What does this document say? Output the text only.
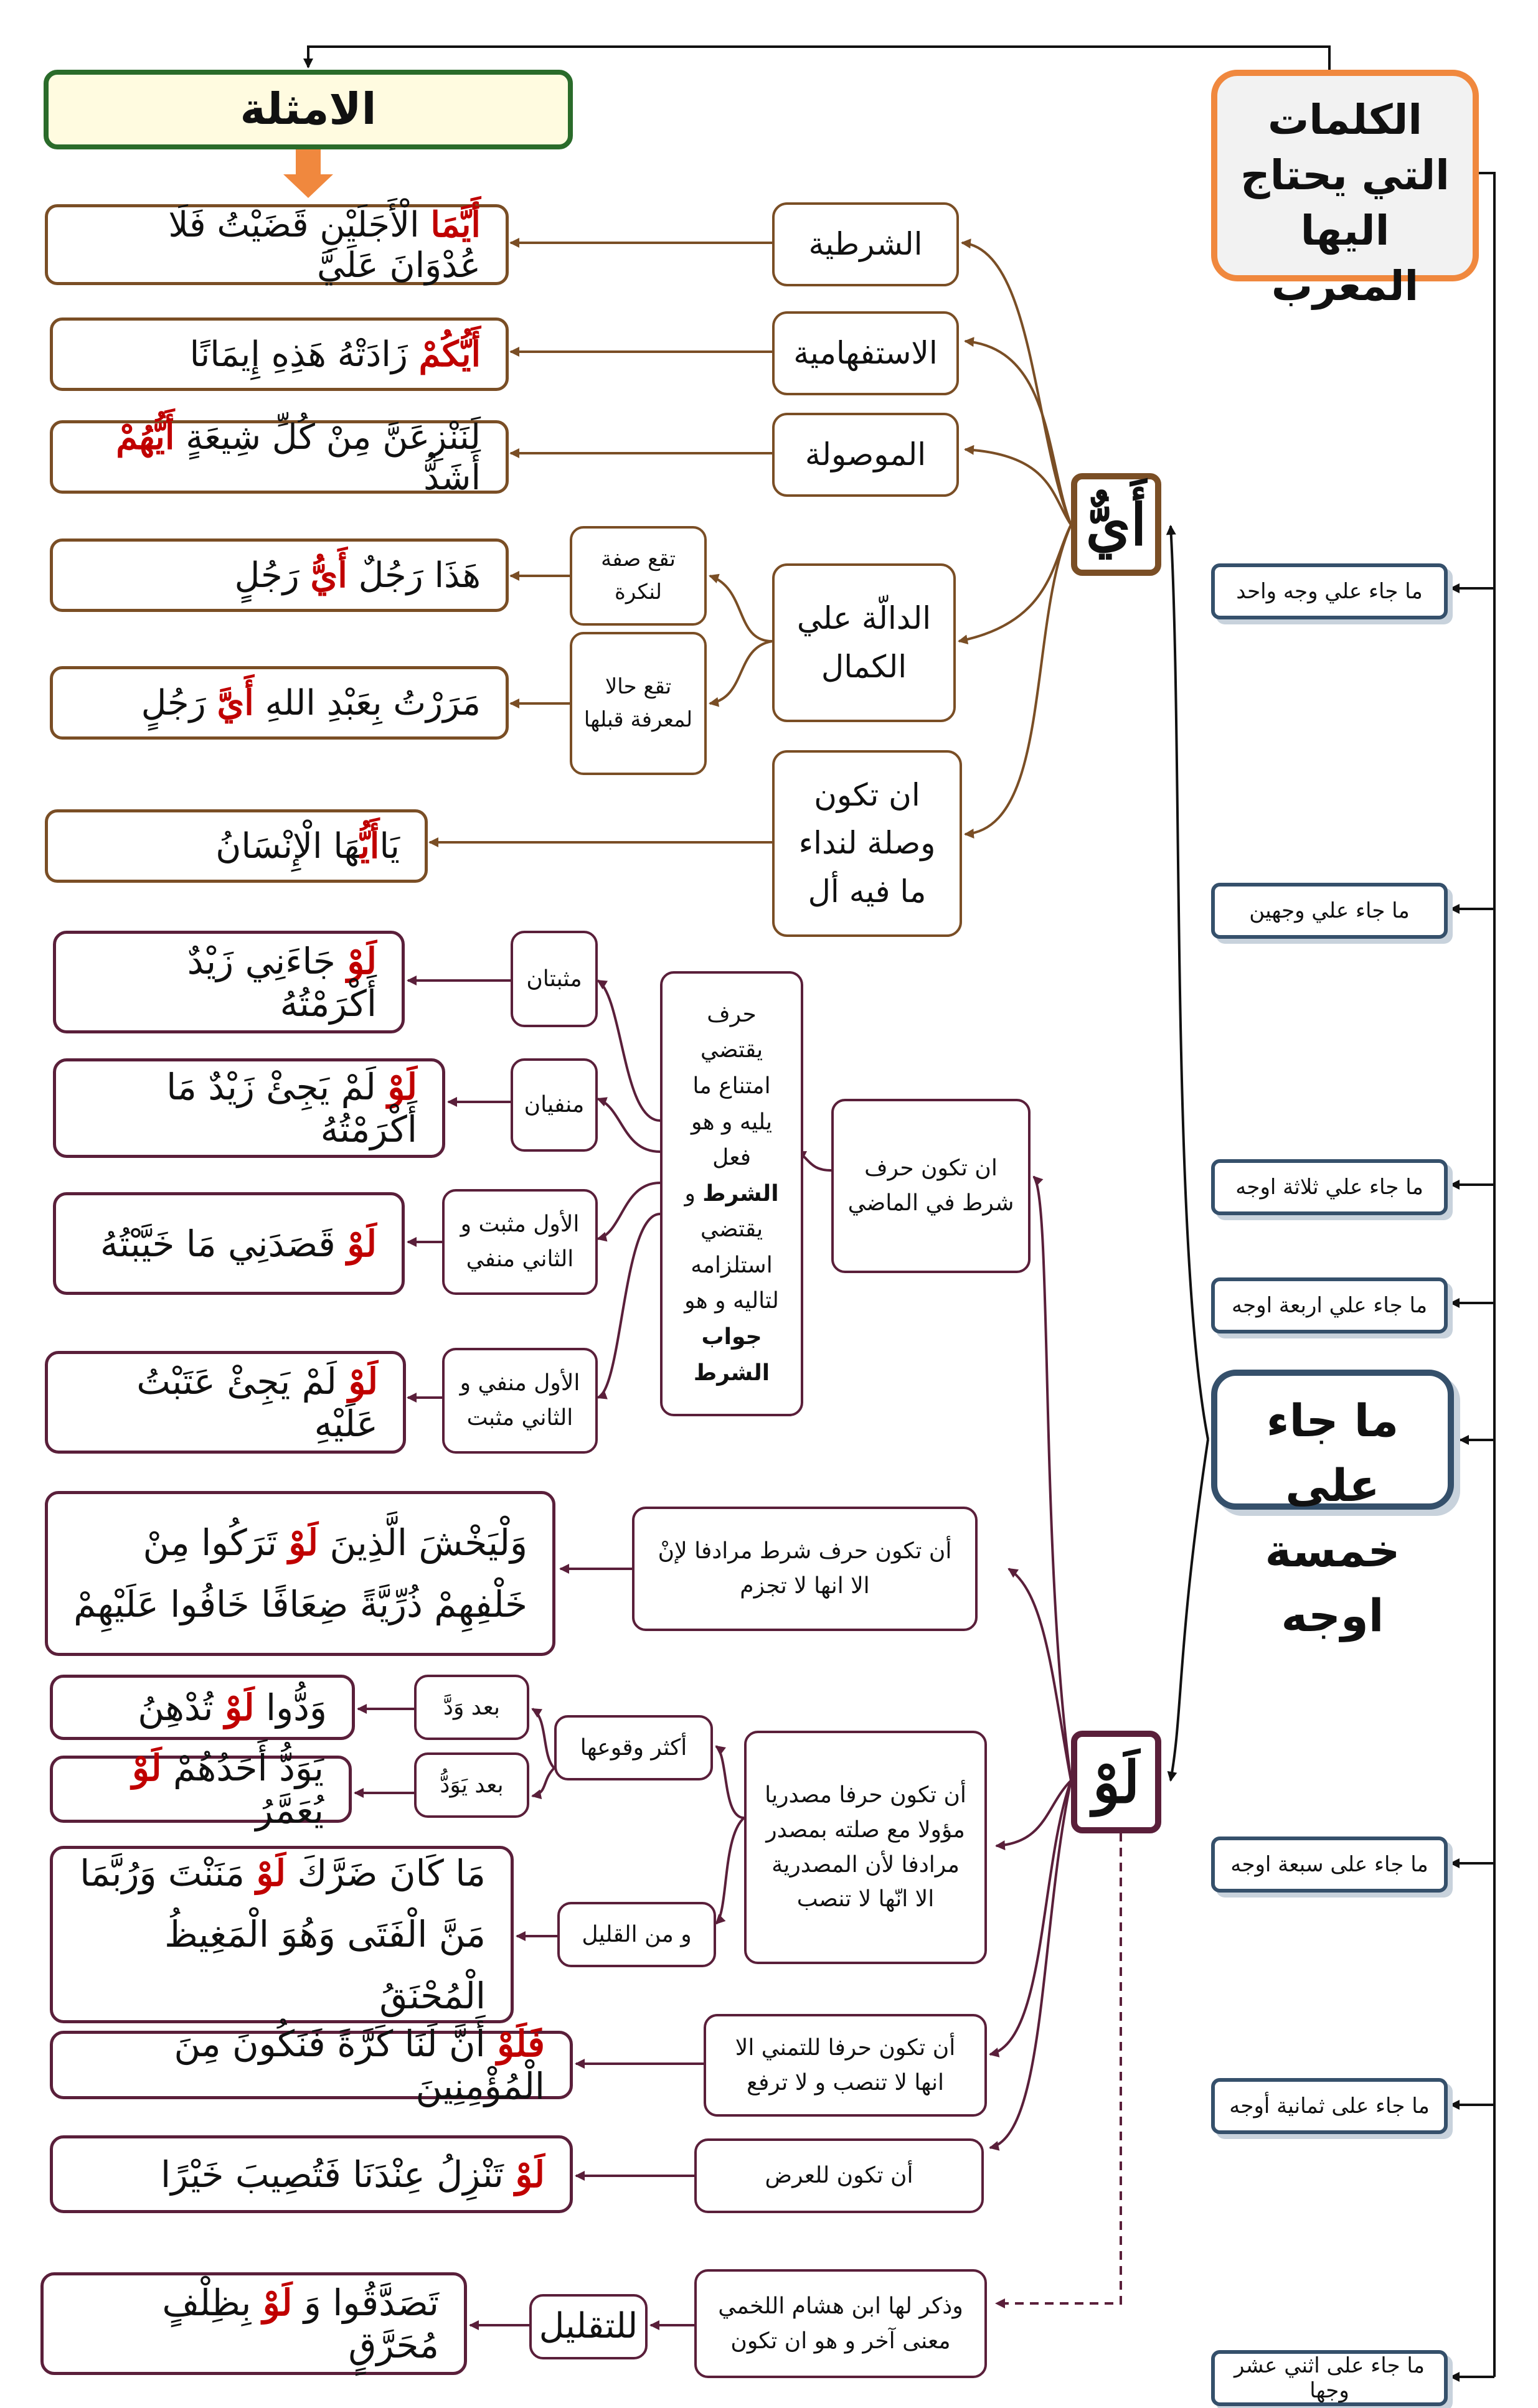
الكلمات التي يحتاج اليها المعرب
الامثلة
ما جاء علي وجه واحد
ما جاء علي وجهين
ما جاء علي ثلاثة اوجه
ما جاء علي اربعة اوجه
ما جاء على خمسة اوجه
ما جاء على سبعة اوجه
ما جاء على ثمانية أوجه
ما جاء على اثني عشر وجها
أَيٌّ
الشرطية
الاستفهامية
الموصولة
الدالّة علي الكمال
ان تكون وصلة لنداء ما فيه أل
تقع صفة لنكرة
تقع حالا لمعرفة قبلها
أَيَّمَا الْأَجَلَيْنِ قَضَيْتُ فَلَا عُدْوَانَ عَلَيَّ
أَيُّكُمْ زَادَتْهُ هَذِهِ إِيمَانًا
لَنَنْزِعَنَّ مِنْ كُلِّ شِيعَةٍ أَيُّهُمْ أَشَدُّ
هَذَا رَجُلٌ أَيُّ رَجُلٍ
مَرَرْتُ بِعَبْدِ اللهِ أَيَّ رَجُلٍ
يَاأَيُّهَا الْإِنْسَانُ
لَوْ
ان تكون حرف شرط في الماضي
حرف يقتضي امتناع ما يليه و هو فعل الشرط و يقتضي استلزامه لتاليه و هو جواب الشرط
مثبتان
منفيان
الأول مثبت و الثاني منفي
الأول منفي و الثاني مثبت
لَوْ جَاءَنِي زَيْدٌ أَكْرَمْتُهُ
لَوْ لَمْ يَجِئْ زَيْدٌ مَا أَكْرَمْتُهُ
لَوْ قَصَدَنِي مَا خَيَّبْتُهُ
لَوْ لَمْ يَجِئْ عَتَبْتُ عَلَيْهِ
أن تكون حرف شرط مرادفا لإنْ الا انها لا تجزم
وَلْيَخْشَ الَّذِينَ لَوْ تَرَكُوا مِنْ خَلْفِهِمْ ذُرِّيَّةً ضِعَافًا خَافُوا عَلَيْهِمْ
أن تكون حرفا مصدريا مؤولا مع صلته بمصدر مرادفا لأن المصدرية الا انّها لا تنصب
أكثر وقوعها
و من القليل
بعد وَدَّ
بعد يَوَدُّ
وَدُّوا لَوْ تُدْهِنُ
يَوَدُّ أَحَدُهُمْ لَوْ يُعَمَّرُ
مَا كَانَ ضَرَّكَ لَوْ مَنَنْتَ وَرُبَّمَا مَنَّ الْفَتَى وَهُوَ الْمَغِيظُ الْمُحْنَقُ
أن تكون حرفا للتمني الا انها لا تنصب و لا ترفع
فَلَوْ أَنَّ لَنَا كَرَّةً فَنَكُونَ مِنَ الْمُؤْمِنِينَ
أن تكون للعرض
لَوْ تَنْزِلُ عِنْدَنَا فَتُصِيبَ خَيْرًا
وذكر لها ابن هشام اللخمي معنى آخر و هو ان تكون
للتقليل
تَصَدَّقُوا وَ لَوْ بِظِلْفٍ مُحَرَّقٍ
